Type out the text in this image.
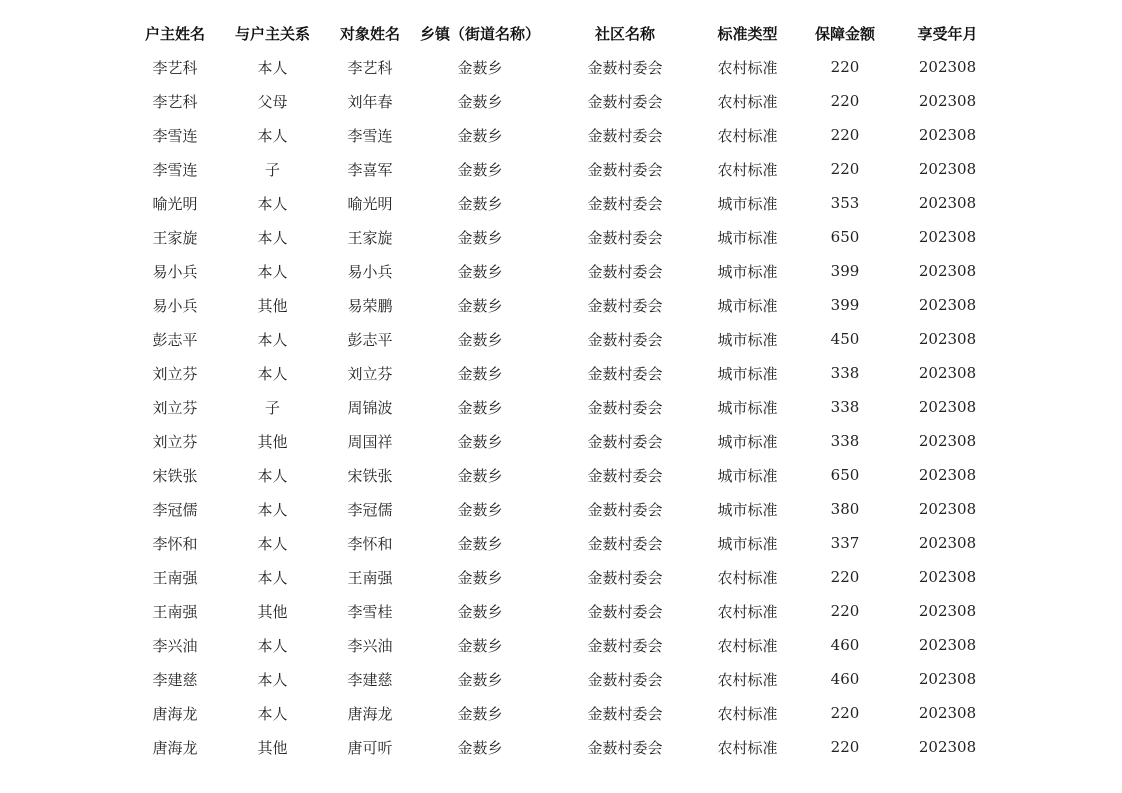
户主姓名	与户主关系	对象姓名	乡镇（街道名称）	社区名称	标准类型	保障金额	享受年月
李艺科	本人	李艺科	金薮乡	金薮村委会	农村标准	220	202308
李艺科	父母	刘年春	金薮乡	金薮村委会	农村标准	220	202308
李雪连	本人	李雪连	金薮乡	金薮村委会	农村标准	220	202308
李雪连	子	李喜军	金薮乡	金薮村委会	农村标准	220	202308
喻光明	本人	喻光明	金薮乡	金薮村委会	城市标准	353	202308
王家旋	本人	王家旋	金薮乡	金薮村委会	城市标准	650	202308
易小兵	本人	易小兵	金薮乡	金薮村委会	城市标准	399	202308
易小兵	其他	易荣鹏	金薮乡	金薮村委会	城市标准	399	202308
彭志平	本人	彭志平	金薮乡	金薮村委会	城市标准	450	202308
刘立芬	本人	刘立芬	金薮乡	金薮村委会	城市标准	338	202308
刘立芬	子	周锦波	金薮乡	金薮村委会	城市标准	338	202308
刘立芬	其他	周国祥	金薮乡	金薮村委会	城市标准	338	202308
宋铁张	本人	宋铁张	金薮乡	金薮村委会	城市标准	650	202308
李冠儒	本人	李冠儒	金薮乡	金薮村委会	城市标准	380	202308
李怀和	本人	李怀和	金薮乡	金薮村委会	城市标准	337	202308
王南强	本人	王南强	金薮乡	金薮村委会	农村标准	220	202308
王南强	其他	李雪桂	金薮乡	金薮村委会	农村标准	220	202308
李兴油	本人	李兴油	金薮乡	金薮村委会	农村标准	460	202308
李建慈	本人	李建慈	金薮乡	金薮村委会	农村标准	460	202308
唐海龙	本人	唐海龙	金薮乡	金薮村委会	农村标准	220	202308
唐海龙	其他	唐可听	金薮乡	金薮村委会	农村标准	220	202308
